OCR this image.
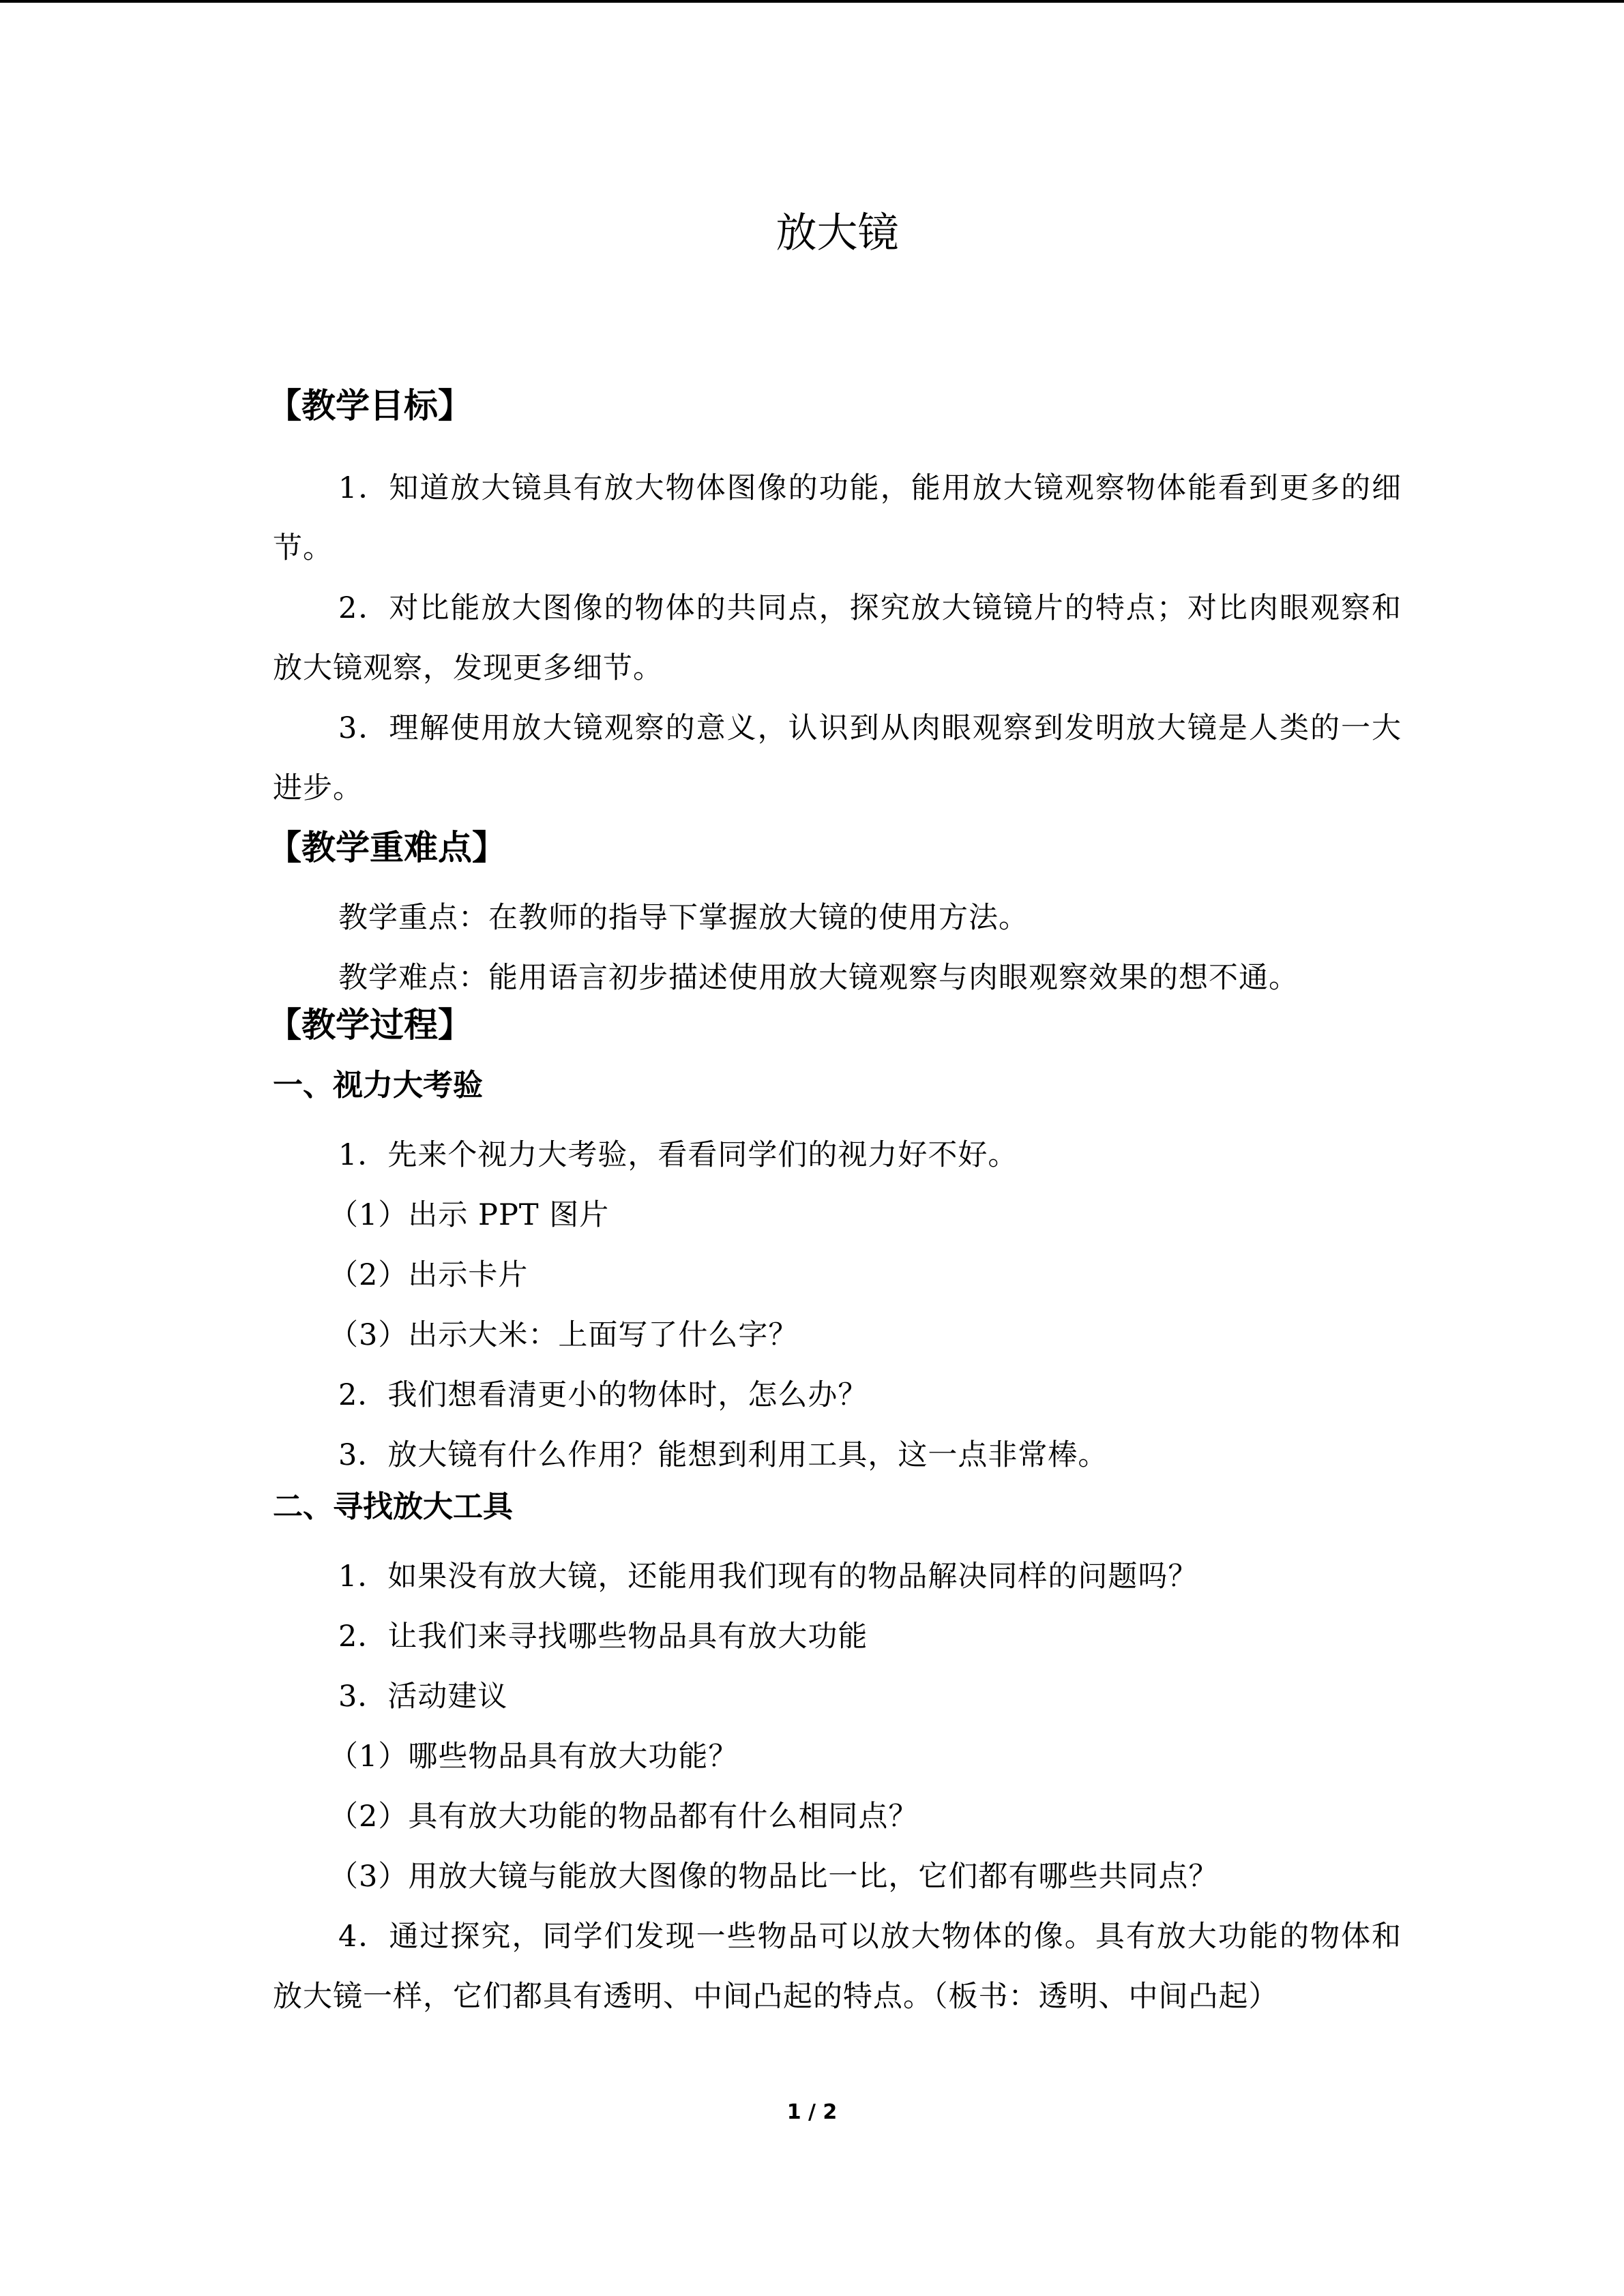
放大镜
【教学目标】
1．知道放大镜具有放大物体图像的功能，能用放大镜观察物体能看到更多的细节。
2．对比能放大图像的物体的共同点，探究放大镜镜片的特点；对比肉眼观察和放大镜观察，发现更多细节。
3．理解使用放大镜观察的意义，认识到从肉眼观察到发明放大镜是人类的一大进步。
【教学重难点】
教学重点：在教师的指导下掌握放大镜的使用方法。
教学难点：能用语言初步描述使用放大镜观察与肉眼观察效果的想不通。
【教学过程】
一、视力大考验
1．先来个视力大考验，看看同学们的视力好不好。
（1）出示 PPT 图片
（2）出示卡片
（3）出示大米：上面写了什么字？
2．我们想看清更小的物体时，怎么办？
3．放大镜有什么作用？能想到利用工具，这一点非常棒。
二、寻找放大工具
1．如果没有放大镜，还能用我们现有的物品解决同样的问题吗？
2．让我们来寻找哪些物品具有放大功能
3．活动建议
（1）哪些物品具有放大功能？
（2）具有放大功能的物品都有什么相同点？
（3）用放大镜与能放大图像的物品比一比，它们都有哪些共同点？
4．通过探究，同学们发现一些物品可以放大物体的像。具有放大功能的物体和放大镜一样，它们都具有透明、中间凸起的特点。（板书：透明、中间凸起）
1 / 2
